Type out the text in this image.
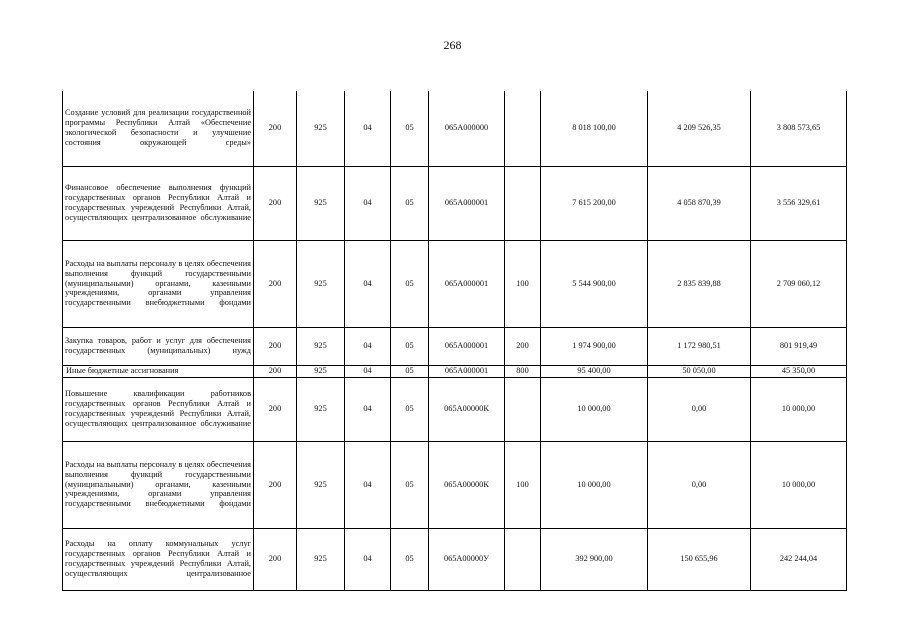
268
Создание условий для реализации государственной программы Республики Алтай «Обеспечение экологической безопасности и улучшение состояния окружающей среды»	200	925	04	05	065А000000		8 018 100,00	4 209 526,35	3 808 573,65
Финансовое обеспечение выполнения функций государственных органов Республики Алтай и государственных учреждений Республики Алтай, осуществляющих централизованное обслуживание	200	925	04	05	065А000001		7 615 200,00	4 058 870,39	3 556 329,61
Расходы на выплаты персоналу в целях обеспечения выполнения функций государственными (муниципальными) органами, казенными учреждениями, органами управления государственными внебюджетными фондами	200	925	04	05	065А000001	100	5 544 900,00	2 835 839,88	2 709 060,12
Закупка товаров, работ и услуг для обеспечения государственных (муниципальных) нужд	200	925	04	05	065А000001	200	1 974 900,00	1 172 980,51	801 919,49
Иные бюджетные ассигнования	200	925	04	05	065А000001	800	95 400,00	50 050,00	45 350,00
Повышение квалификации работников государственных органов Республики Алтай и государственных учреждений Республики Алтай, осуществляющих централизованное обслуживание	200	925	04	05	065А00000К		10 000,00	0,00	10 000,00
Расходы на выплаты персоналу в целях обеспечения выполнения функций государственными (муниципальными) органами, казенными учреждениями, органами управления государственными внебюджетными фондами	200	925	04	05	065А00000К	100	10 000,00	0,00	10 000,00
Расходы на оплату коммунальных услуг государственных органов Республики Алтай и государственных учреждений Республики Алтай, осуществляющих централизованное	200	925	04	05	065А00000У		392 900,00	150 655,96	242 244,04
